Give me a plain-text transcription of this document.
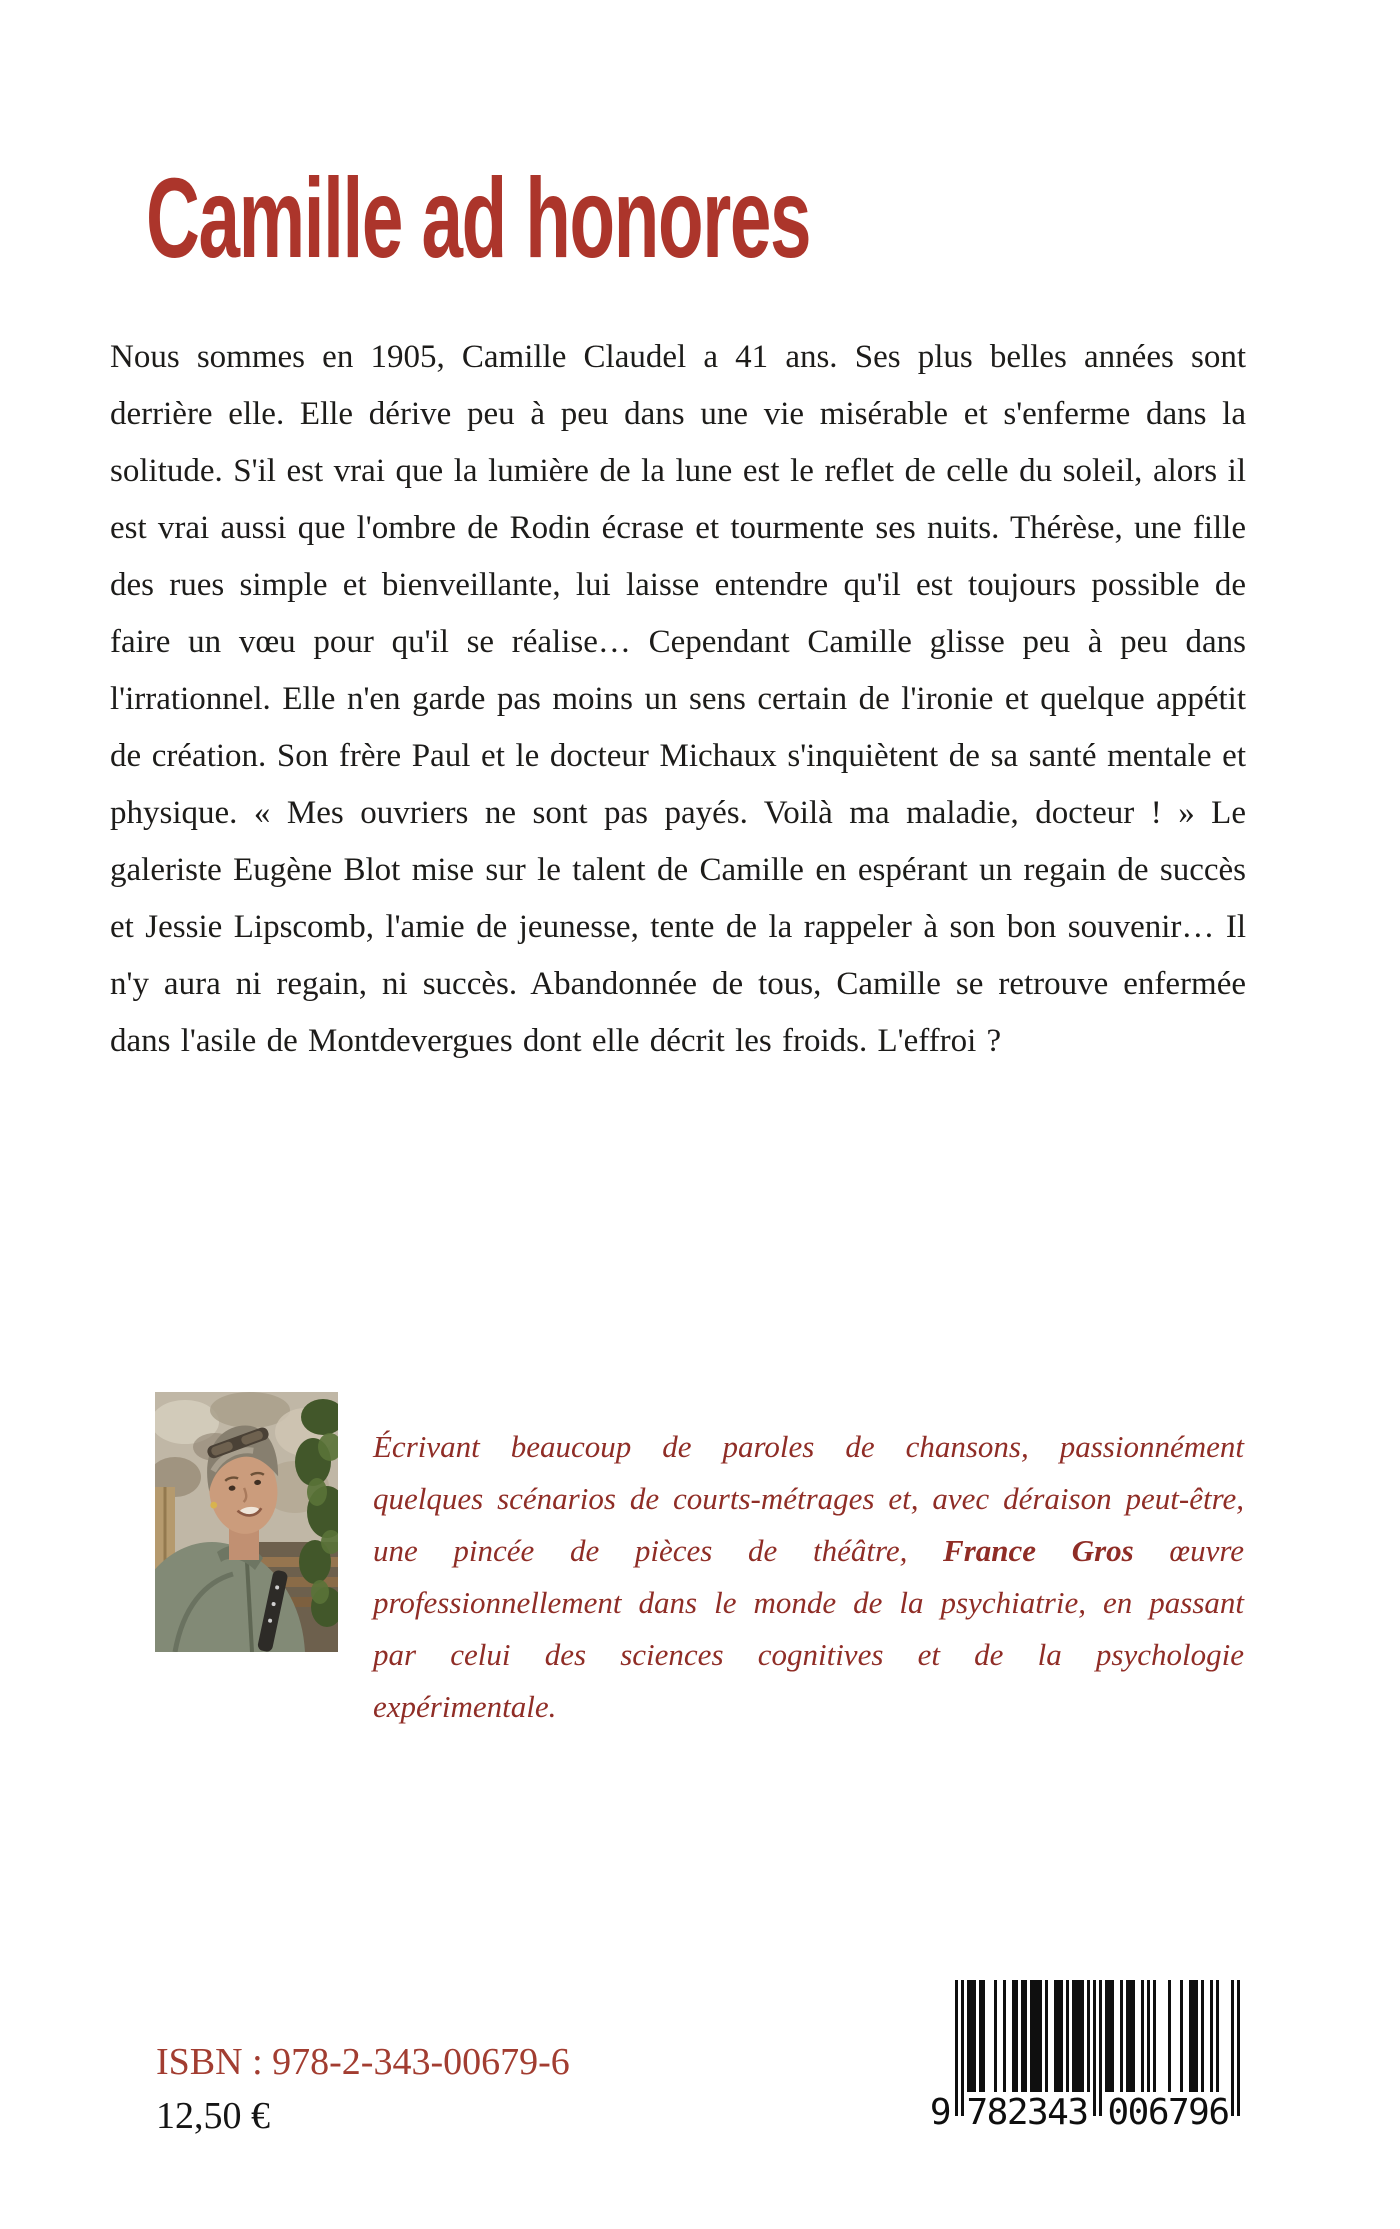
Camille ad honores

Nous sommes en 1905, Camille Claudel a 41 ans. Ses plus belles années sont derrière elle. Elle dérive peu à peu dans une vie misérable et s'enferme dans la solitude. S'il est vrai que la lumière de la lune est le reflet de celle du soleil, alors il est vrai aussi que l'ombre de Rodin écrase et tourmente ses nuits. Thérèse, une fille des rues simple et bienveillante, lui laisse entendre qu'il est toujours possible de faire un vœu pour qu'il se réalise… Cependant Camille glisse peu à peu dans l'irrationnel. Elle n'en garde pas moins un sens certain de l'ironie et quelque appétit de création. Son frère Paul et le docteur Michaux s'inquiètent de sa santé mentale et physique. « Mes ouvriers ne sont pas payés. Voilà ma maladie, docteur ! » Le galeriste Eugène Blot mise sur le talent de Camille en espérant un regain de succès et Jessie Lipscomb, l'amie de jeunesse, tente de la rappeler à son bon souvenir… Il n'y aura ni regain, ni succès. Abandonnée de tous, Camille se retrouve enfermée dans l'asile de Montdevergues dont elle décrit les froids. L'effroi ?

Écrivant beaucoup de paroles de chansons, passionnément quelques scénarios de courts-métrages et, avec déraison peut-être, une pincée de pièces de théâtre, France Gros œuvre professionnellement dans le monde de la psychiatrie, en passant par celui des sciences cognitives et de la psychologie expérimentale.

ISBN : 978-2-343-00679-6
12,50 €	9 782343 006796
